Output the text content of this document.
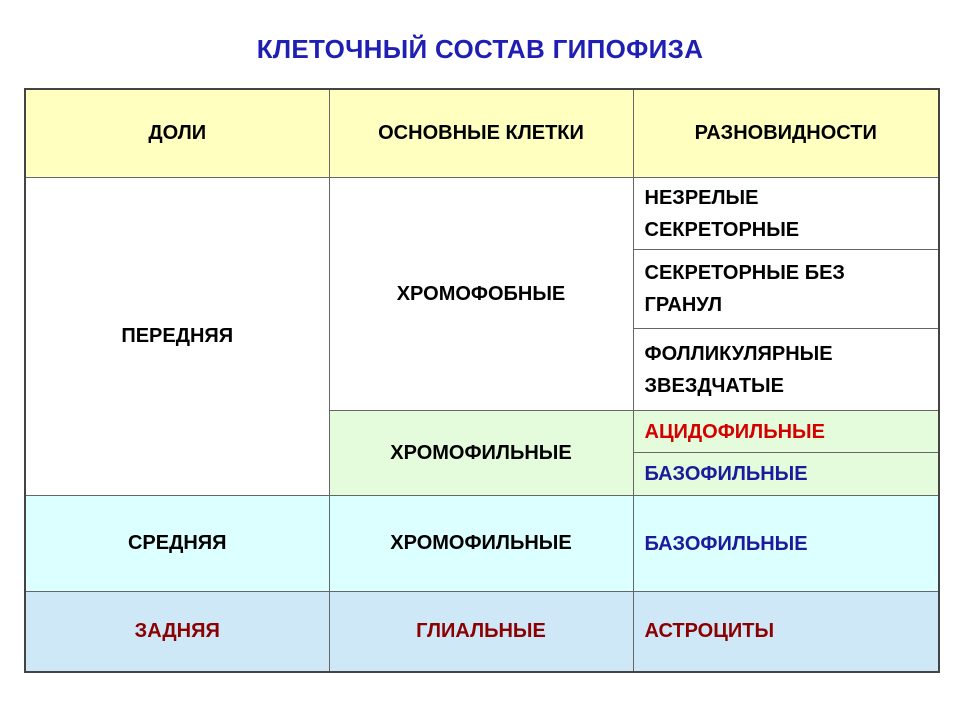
КЛЕТОЧНЫЙ СОСТАВ ГИПОФИЗА
ДОЛИ	ОСНОВНЫЕ КЛЕТКИ	РАЗНОВИДНОСТИ
ПЕРЕДНЯЯ	ХРОМОФОБНЫЕ	НЕЗРЕЛЫЕ
СЕКРЕТОРНЫЕ
		СЕКРЕТОРНЫЕ БЕЗ
ГРАНУЛ
		ФОЛЛИКУЛЯРНЫЕ
ЗВЕЗДЧАТЫЕ
	ХРОМОФИЛЬНЫЕ	АЦИДОФИЛЬНЫЕ
		БАЗОФИЛЬНЫЕ
СРЕДНЯЯ	ХРОМОФИЛЬНЫЕ	БАЗОФИЛЬНЫЕ
ЗАДНЯЯ	ГЛИАЛЬНЫЕ	АСТРОЦИТЫ
